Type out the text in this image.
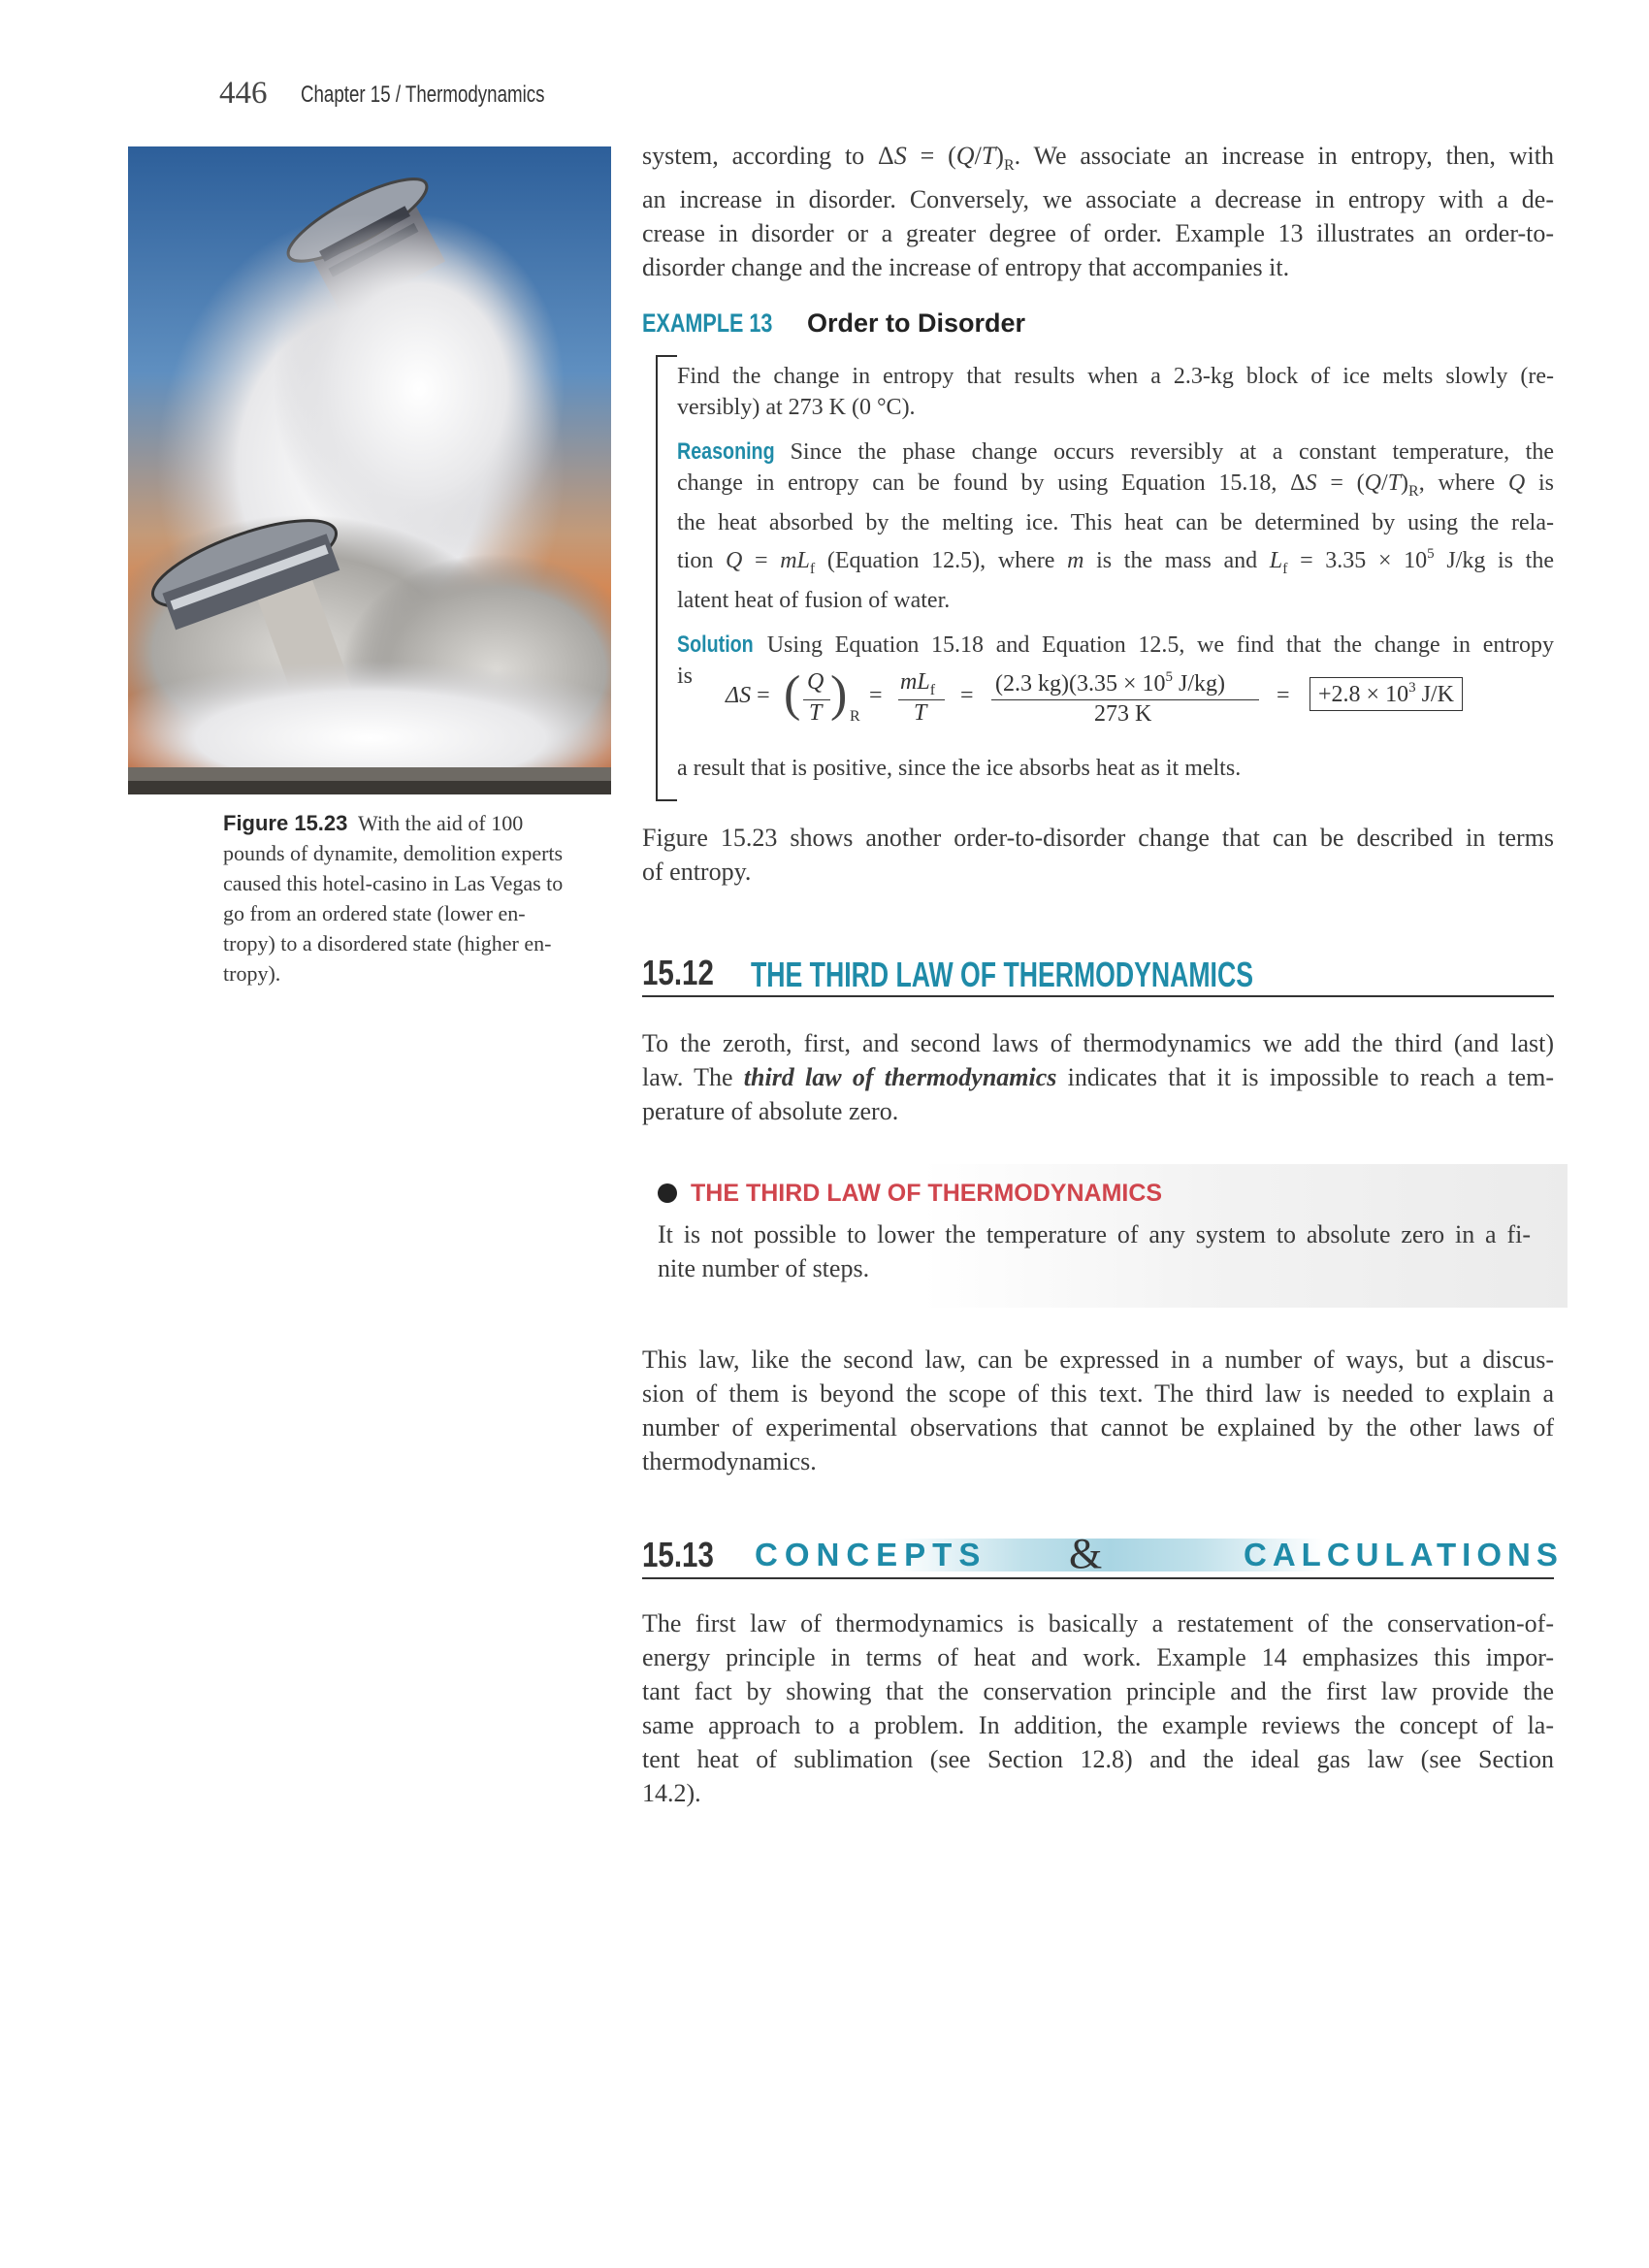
446 Chapter 15 / Thermodynamics
Figure 15.23 With the aid of 100
pounds of dynamite, demolition experts
caused this hotel-casino in Las Vegas to
go from an ordered state (lower en-
tropy) to a disordered state (higher en-
tropy).
system, according to $\Delta S = (Q/T)_R$. We associate an increase in entropy, then, with
an increase in disorder. Conversely, we associate a decrease in entropy with a de-
crease in disorder or a greater degree of order. Example 13 illustrates an order-to-
disorder change and the increase of entropy that accompanies it.
EXAMPLE 13	Order to Disorder
Find the change in entropy that results when a 2.3-kg block of ice melts slowly (re-
versibly) at 273 K (0 °C).
Reasoning Since the phase change occurs reversibly at a constant temperature, the
change in entropy can be found by using Equation 15.18, $\Delta S = (Q/T)_R$, where Q is
the heat absorbed by the melting ice. This heat can be determined by using the rela-
tion $Q = mL_f$ (Equation 12.5), where m is the mass and $L_f = 3.35 \times 10^5$ J/kg is the
latent heat of fusion of water.
Solution Using Equation 15.18 and Equation 12.5, we find that the change in entropy
is
ΔS = ( Q
T ) R
=
$mL_f$
T
= (2.3 $kg)(3.35 \times 10^5$ J/kg)
273 K
=	$+2.8 \times 10^3$ J/K
a result that is positive, since the ice absorbs heat as it melts.
Figure 15.23 shows another order-to-disorder change that can be described in terms
of entropy.
15.12 THE THIRD LAW OF THERMODYNAMICS
To the zeroth, first, and second laws of thermodynamics we add the third (and last)
law. The third law of thermodynamics indicates that it is impossible to reach a tem-
perature of absolute zero.
THE THIRD LAW OF THERMODYNAMICS
It is not possible to lower the temperature of any system to absolute zero in a fi-
nite number of steps.
This law, like the second law, can be expressed in a number of ways, but a discus-
sion of them is beyond the scope of this text. The third law is needed to explain a
number of experimental observations that cannot be explained by the other laws of
thermodynamics.
15.13 CONCEPTS &	CALCULATIONS
The first law of thermodynamics is basically a restatement of the conservation-of-
energy principle in terms of heat and work. Example 14 emphasizes this impor-
tant fact by showing that the conservation principle and the first law provide the
same approach to a problem. In addition, the example reviews the concept of la-
tent heat of sublimation (see Section 12.8) and the ideal gas law (see Section
14.2).
